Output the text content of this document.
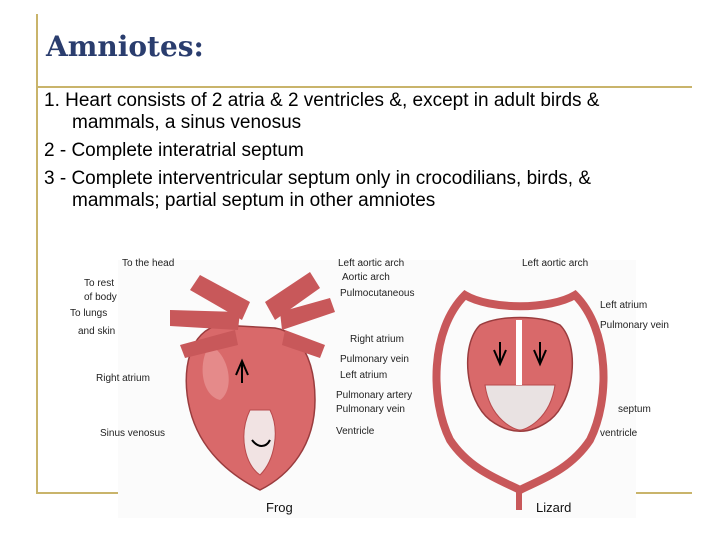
Amniotes:
1. Heart consists of 2 atria & 2 ventricles &, except in adult birds & mammals, a sinus venosus
2 - Complete interatrial septum
3 - Complete interventricular septum only in crocodilians, birds, & mammals; partial septum in other amniotes
To the head
To rest
of body
To lungs
and skin
Right atrium
Sinus venosus
Left aortic arch
Aortic arch
Pulmocutaneous
Pulmonary vein
Left atrium
Pulmonary artery
Pulmonary vein
Ventricle
Left aortic arch
Left atrium
Pulmonary vein
Right atrium
septum
ventricle
Frog	Lizard
